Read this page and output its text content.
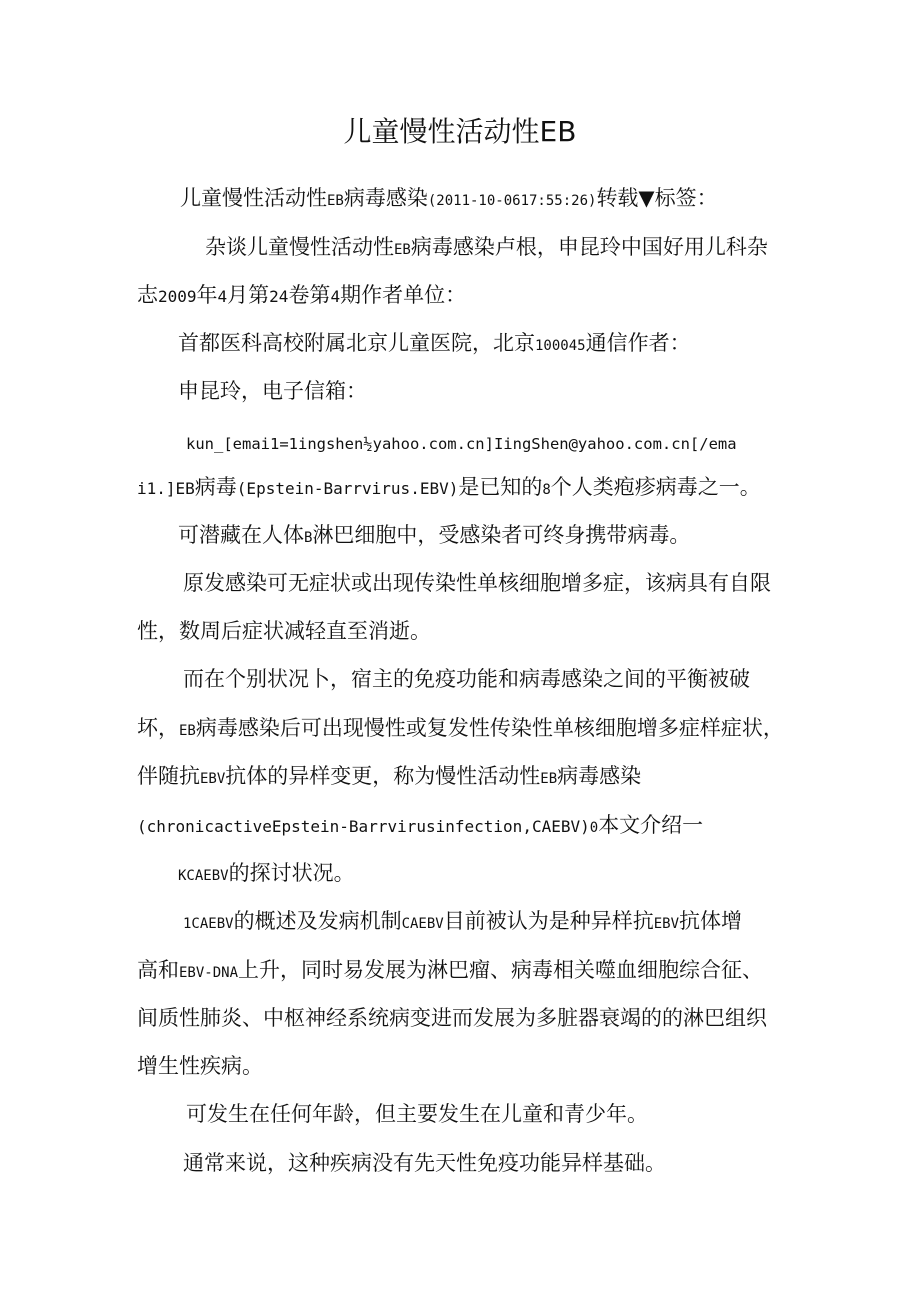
儿童慢性活动性EB
儿童慢性活动性EB病毒感染(2011-10-0617:55:26)转载▼标签：
杂谈儿童慢性活动性EB病毒感染卢根，申昆玲中国好用儿科杂
志2009年4月第24卷第4期作者单位：
首都医科高校附属北京儿童医院，北京100045通信作者：
申昆玲，电子信箱：
kun_[emai1=1ingshen½yahoo.com.cn]IingShen@yahoo.com.cn[/ema
i1.]EB病毒(Epstein-Barrvirus.EBV)是已知的8个人类疱疹病毒之一。
可潜藏在人体B淋巴细胞中，受感染者可终身携带病毒。
原发感染可无症状或出现传染性单核细胞增多症，该病具有自限
性，数周后症状减轻直至消逝。
而在个别状况卜，宿主的免疫功能和病毒感染之间的平衡被破
坏，EB病毒感染后可出现慢性或复发性传染性单核细胞增多症样症状，
伴随抗EBV抗体的异样变更，称为慢性活动性EB病毒感染
(chronicactiveEpstein-Barrvirusinfection,CAEBV)0本文介绍一
KCAEBV的探讨状况。
1CAEBV的概述及发病机制CAEBV目前被认为是种异样抗EBV抗体增
高和EBV-DNA上升，同时易发展为淋巴瘤、病毒相关噬血细胞综合征、
间质性肺炎、中枢神经系统病变进而发展为多脏器衰竭的的淋巴组织
增生性疾病。
可发生在任何年龄，但主要发生在儿童和青少年。
通常来说，这种疾病没有先天性免疫功能异样基础。
